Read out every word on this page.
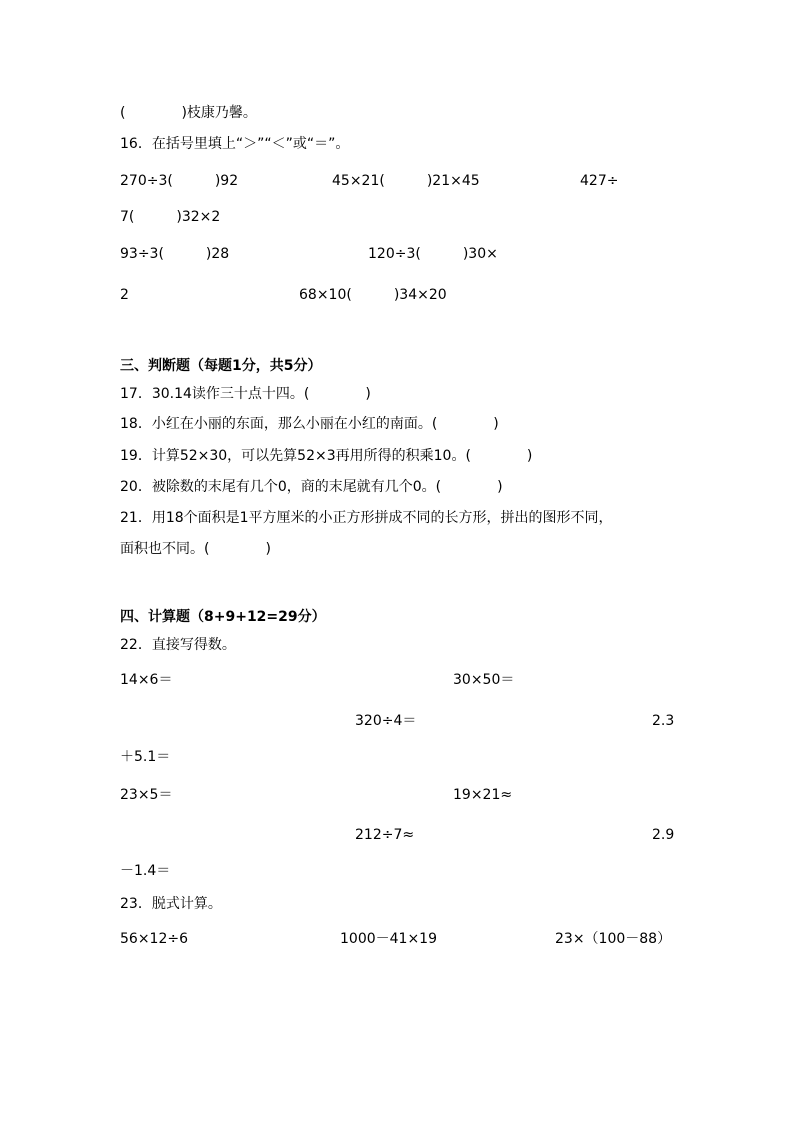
(　　　　)枝康乃馨。
16．在括号里填上“＞”“＜”或“＝”。
270÷3(　　　)92	45×21(　　　)21×45	427÷
7(　　　)32×2
93÷3(　　　)28	120÷3(　　　)30×
2	68×10(　　　)34×20
三、判断题（每题1分，共5分）
17．30.14读作三十点十四。(　　　　)
18．小红在小丽的东面，那么小丽在小红的南面。(　　　　)
19．计算52×30，可以先算52×3再用所得的积乘10。(　　　　)
20．被除数的末尾有几个0，商的末尾就有几个0。(　　　　)
21．用18个面积是1平方厘米的小正方形拼成不同的长方形，拼出的图形不同，
面积也不同。(　　　　)
四、计算题（8+9+12=29分）
22．直接写得数。
14×6＝	30×50＝
320÷4＝	2.3
＋5.1＝
23×5＝	19×21≈
212÷7≈	2.9
－1.4＝
23．脱式计算。
56×12÷6	1000－41×19	23×（100－88）
